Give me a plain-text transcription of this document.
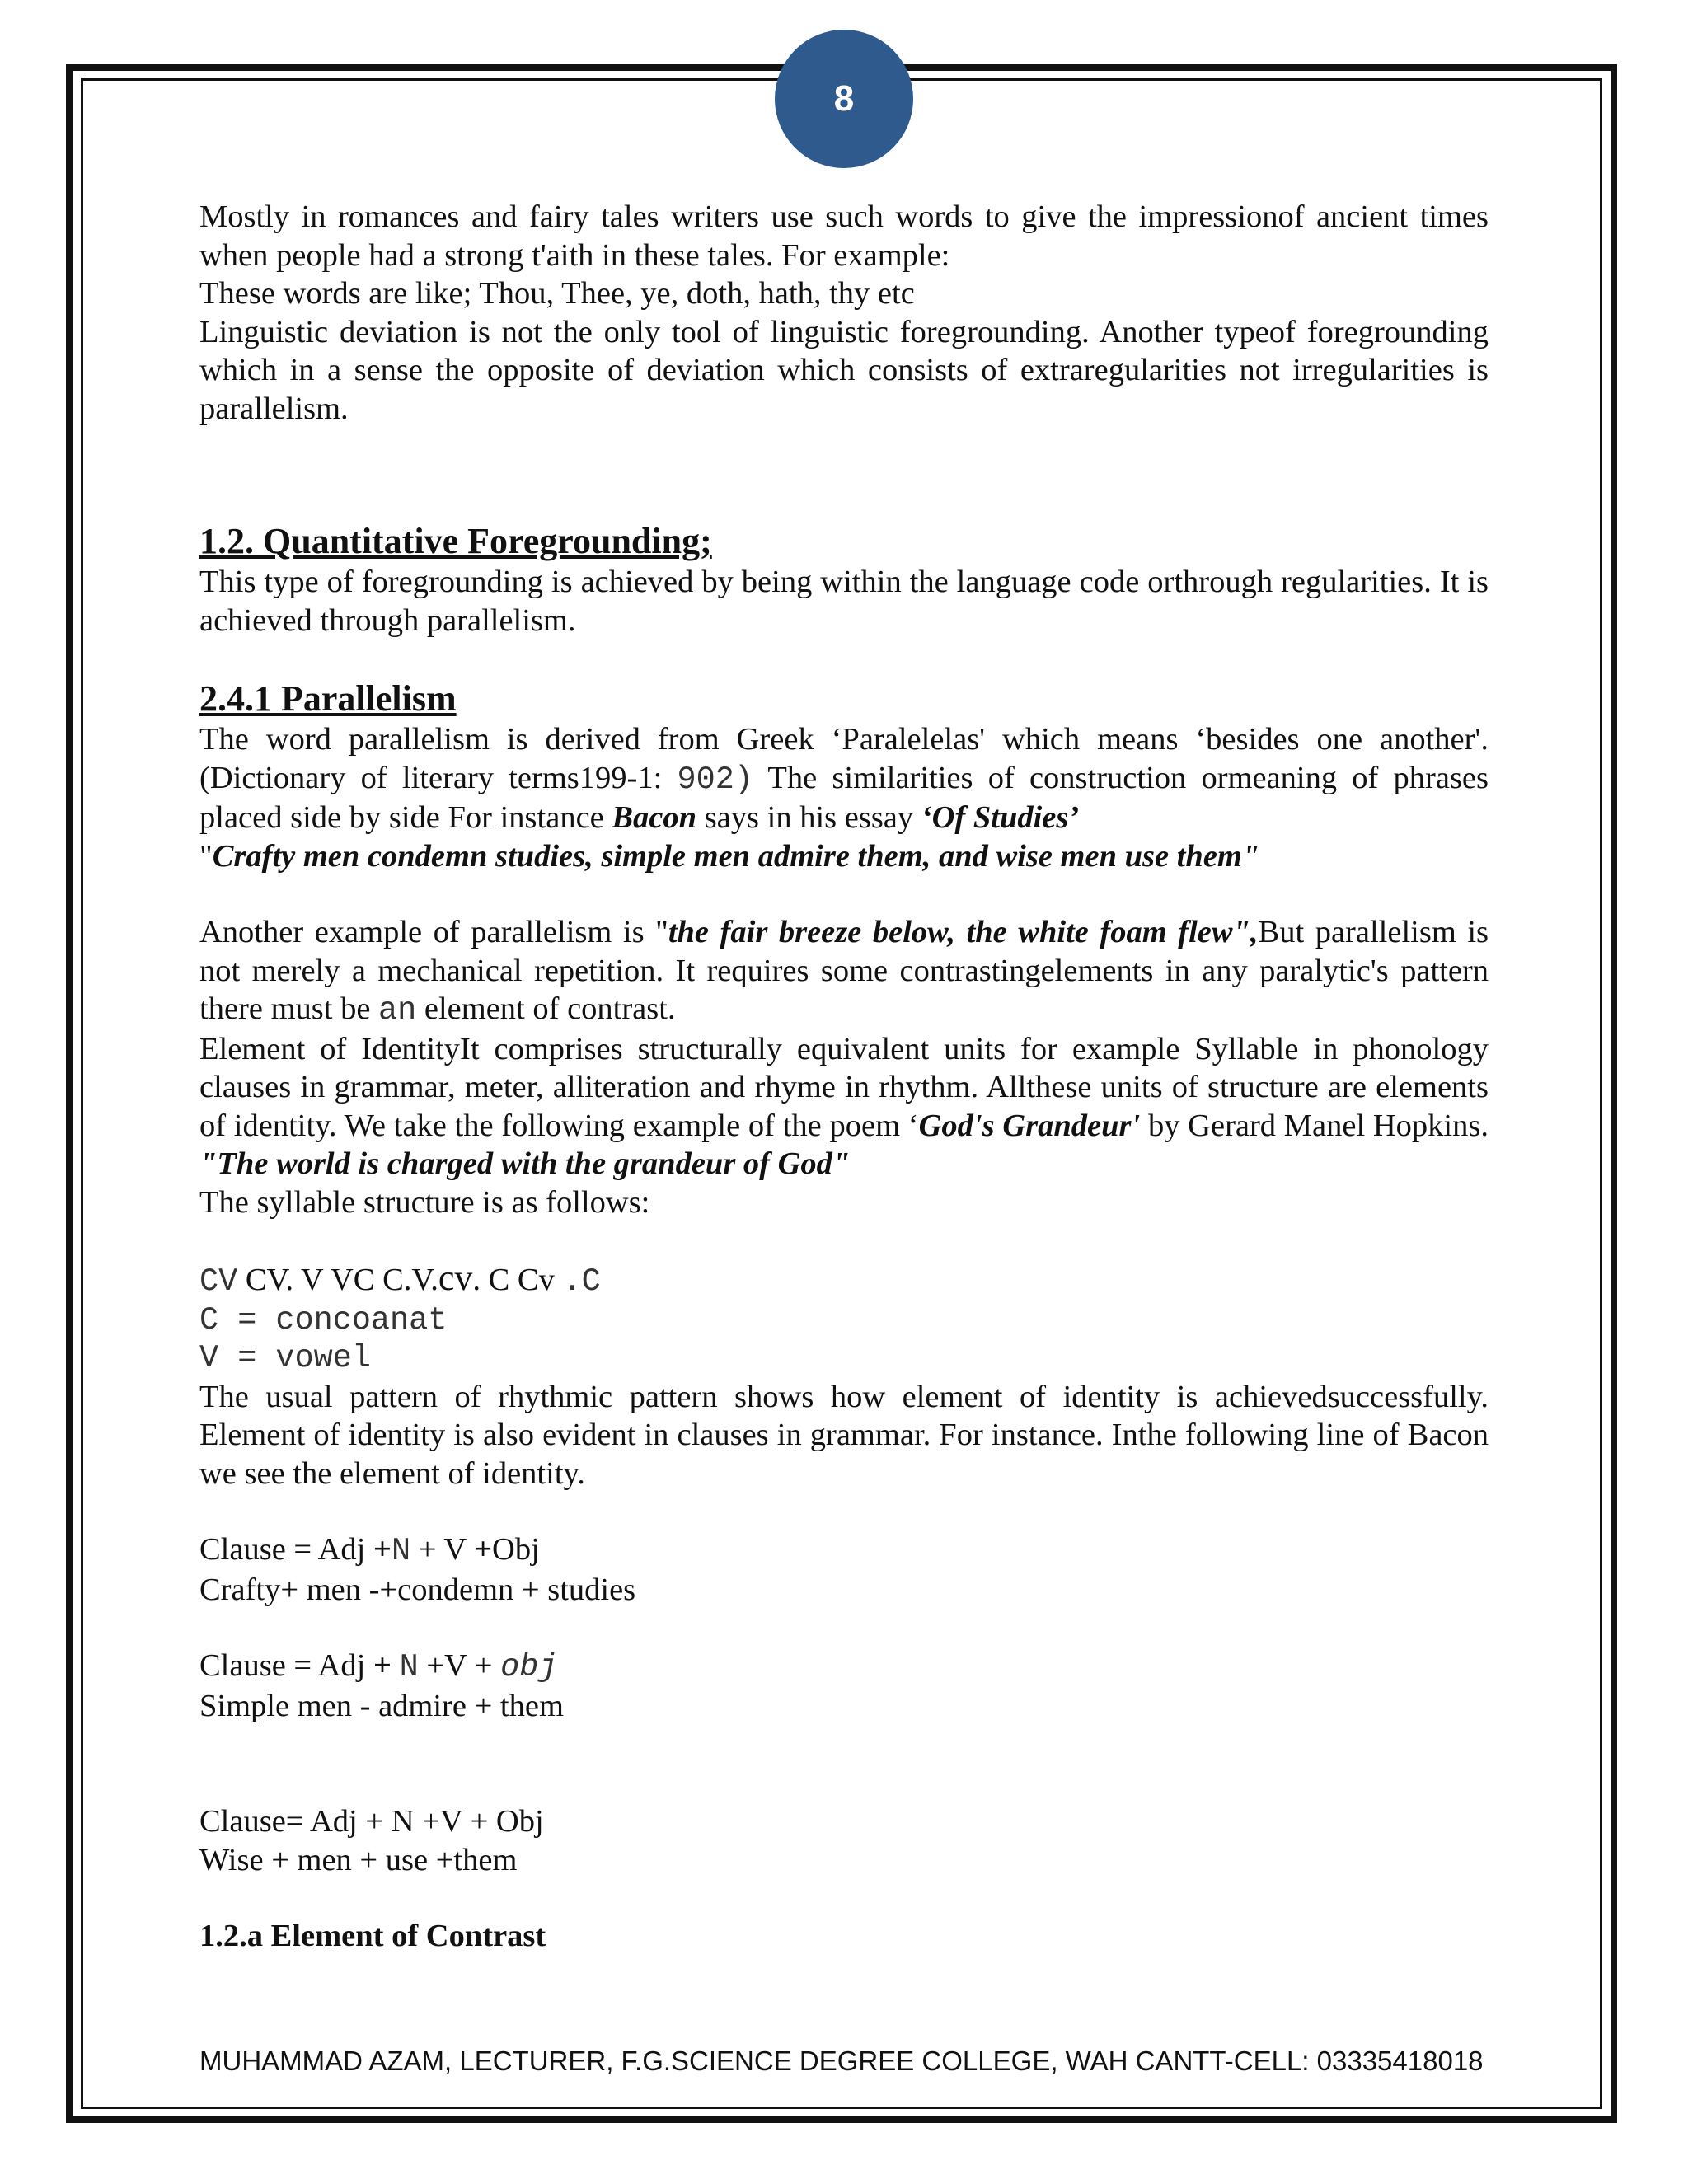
8

Mostly in romances and fairy tales writers use such words to give the impressionof ancient times when people had a strong t'aith in these tales. For example:

These words are like; Thou, Thee, ye, doth, hath, thy etc

Linguistic deviation is not the only tool of linguistic foregrounding. Another typeof foregrounding which in a sense the opposite of deviation which consists of extraregularities not irregularities is parallelism.

1.2. Quantitative Foregrounding;

This type of foregrounding is achieved by being within the language code orthrough regularities. It is achieved through parallelism.

2.4.1 Parallelism

The word parallelism is derived from Greek ‘Paralelelas' which means ‘besides one another'. (Dictionary of literary terms199-1: 902) The similarities of construction ormeaning of phrases placed side by side For instance Bacon says in his essay ‘Of Studies’

"Crafty men condemn studies, simple men admire them, and wise men use them"

Another example of parallelism is "the fair breeze below, the white foam flew",But parallelism is not merely a mechanical repetition. It requires some contrastingelements in any paralytic's pattern there must be an element of contrast.

Element of IdentityIt comprises structurally equivalent units for example Syllable in phonology clauses in grammar, meter, alliteration and rhyme in rhythm. Allthese units of structure are elements of identity. We take the following example of the poem ‘God's Grandeur' by Gerard Manel Hopkins. "The world is charged with the grandeur of God"

The syllable structure is as follows:

CV CV. V VC C.V.cv. C Cv .C

C = concoanat

V = vowel

The usual pattern of rhythmic pattern shows how element of identity is achievedsuccessfully. Element of identity is also evident in clauses in grammar. For instance. Inthe following line of Bacon we see the element of identity.

Clause = Adj +N + V +Obj

Crafty+ men -+condemn + studies

Clause = Adj + N +V + obj

Simple men - admire + them

Clause= Adj + N +V + Obj

Wise + men + use +them

1.2.a Element of Contrast
MUHAMMAD AZAM, LECTURER, F.G.SCIENCE DEGREE COLLEGE, WAH CANTT-CELL: 03335418018
